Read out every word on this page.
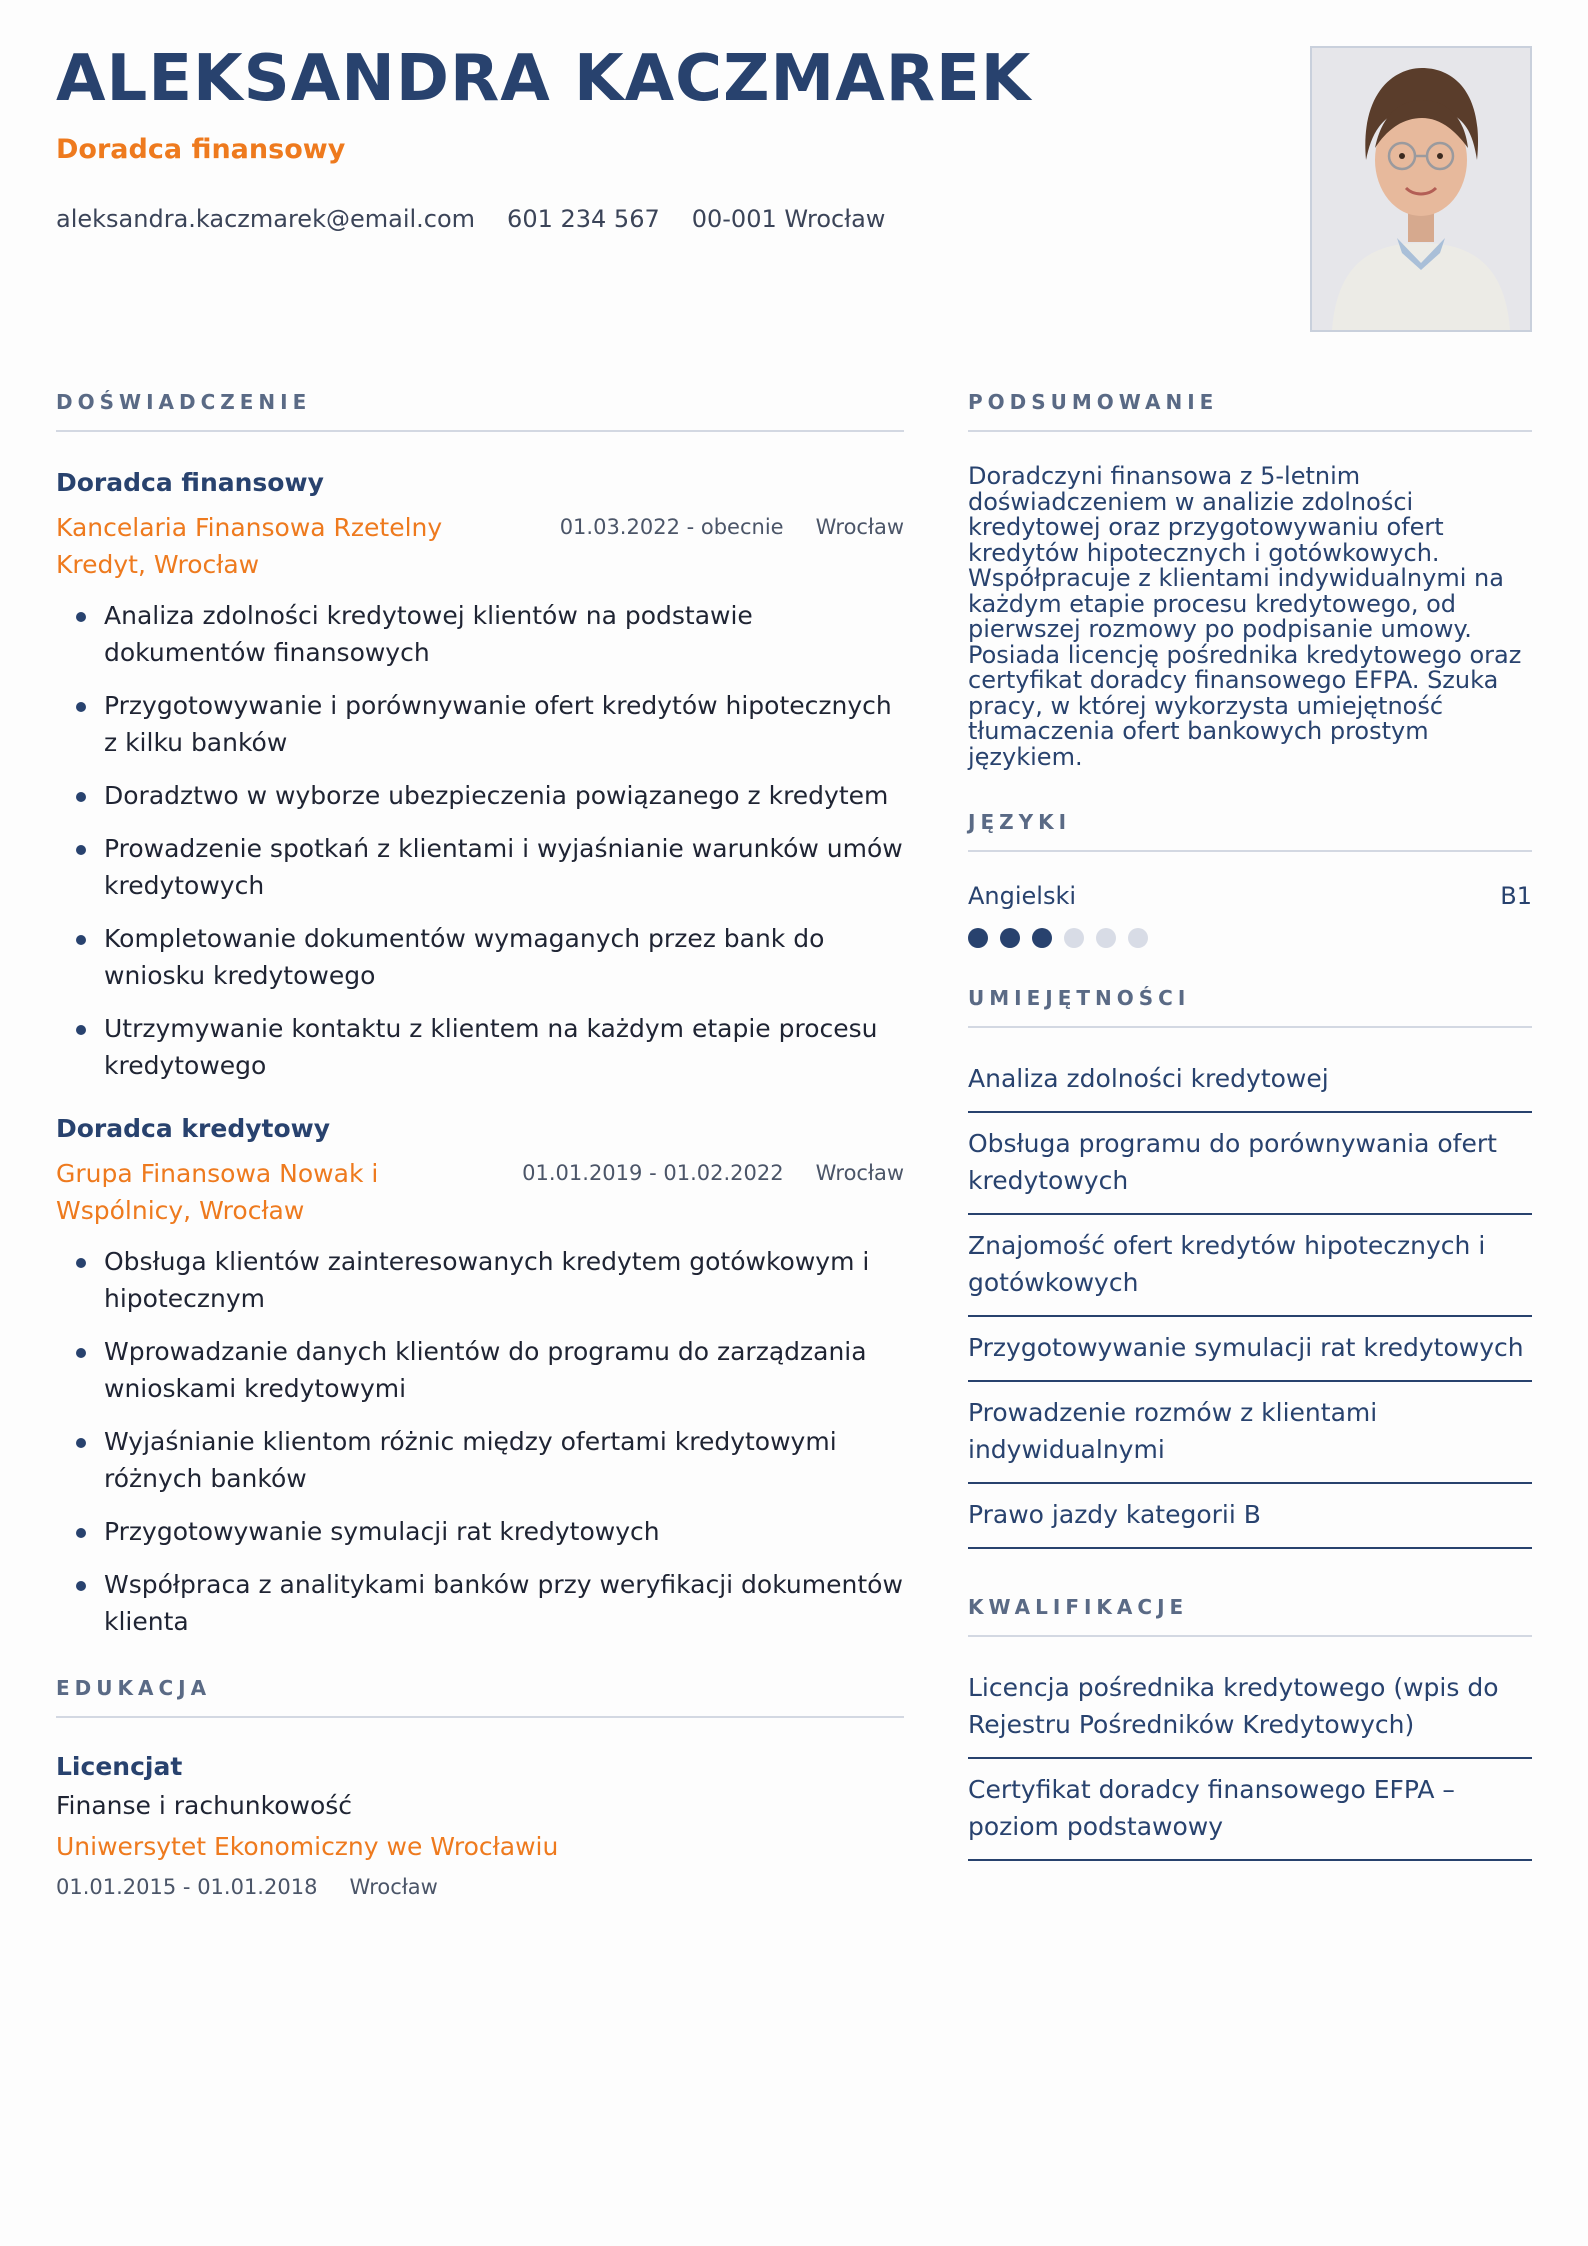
ALEKSANDRA KACZMAREK
Doradca finansowy
aleksandra.kaczmarek@email.com 601 234 567 00-001 Wrocław
DOŚWIADCZENIE
Doradca finansowy
Kancelaria Finansowa Rzetelny Kredyt, Wrocław
01.03.2022 - obecnie Wrocław
Analiza zdolności kredytowej klientów na podstawie dokumentów finansowych
Przygotowywanie i porównywanie ofert kredytów hipotecznych z kilku banków
Doradztwo w wyborze ubezpieczenia powiązanego z kredytem
Prowadzenie spotkań z klientami i wyjaśnianie warunków umów kredytowych
Kompletowanie dokumentów wymaganych przez bank do wniosku kredytowego
Utrzymywanie kontaktu z klientem na każdym etapie procesu kredytowego
Doradca kredytowy
Grupa Finansowa Nowak i Wspólnicy, Wrocław
01.01.2019 - 01.02.2022 Wrocław
Obsługa klientów zainteresowanych kredytem gotówkowym i hipotecznym
Wprowadzanie danych klientów do programu do zarządzania wnioskami kredytowymi
Wyjaśnianie klientom różnic między ofertami kredytowymi różnych banków
Przygotowywanie symulacji rat kredytowych
Współpraca z analitykami banków przy weryfikacji dokumentów klienta
EDUKACJA
Licencjat
Finanse i rachunkowość
Uniwersytet Ekonomiczny we Wrocławiu
01.01.2015 - 01.01.2018 Wrocław
PODSUMOWANIE
Doradczyni finansowa z 5-letnim doświadczeniem w analizie zdolności kredytowej oraz przygotowywaniu ofert kredytów hipotecznych i gotówkowych. Współpracuje z klientami indywidualnymi na każdym etapie procesu kredytowego, od pierwszej rozmowy po podpisanie umowy. Posiada licencję pośrednika kredytowego oraz certyfikat doradcy finansowego EFPA. Szuka pracy, w której wykorzysta umiejętność tłumaczenia ofert bankowych prostym językiem.
JĘZYKI
Angielski	B1
UMIEJĘTNOŚCI
Analiza zdolności kredytowej
Obsługa programu do porównywania ofert kredytowych
Znajomość ofert kredytów hipotecznych i gotówkowych
Przygotowywanie symulacji rat kredytowych
Prowadzenie rozmów z klientami indywidualnymi
Prawo jazdy kategorii B
KWALIFIKACJE
Licencja pośrednika kredytowego (wpis do Rejestru Pośredników Kredytowych)
Certyfikat doradcy finansowego EFPA – poziom podstawowy
